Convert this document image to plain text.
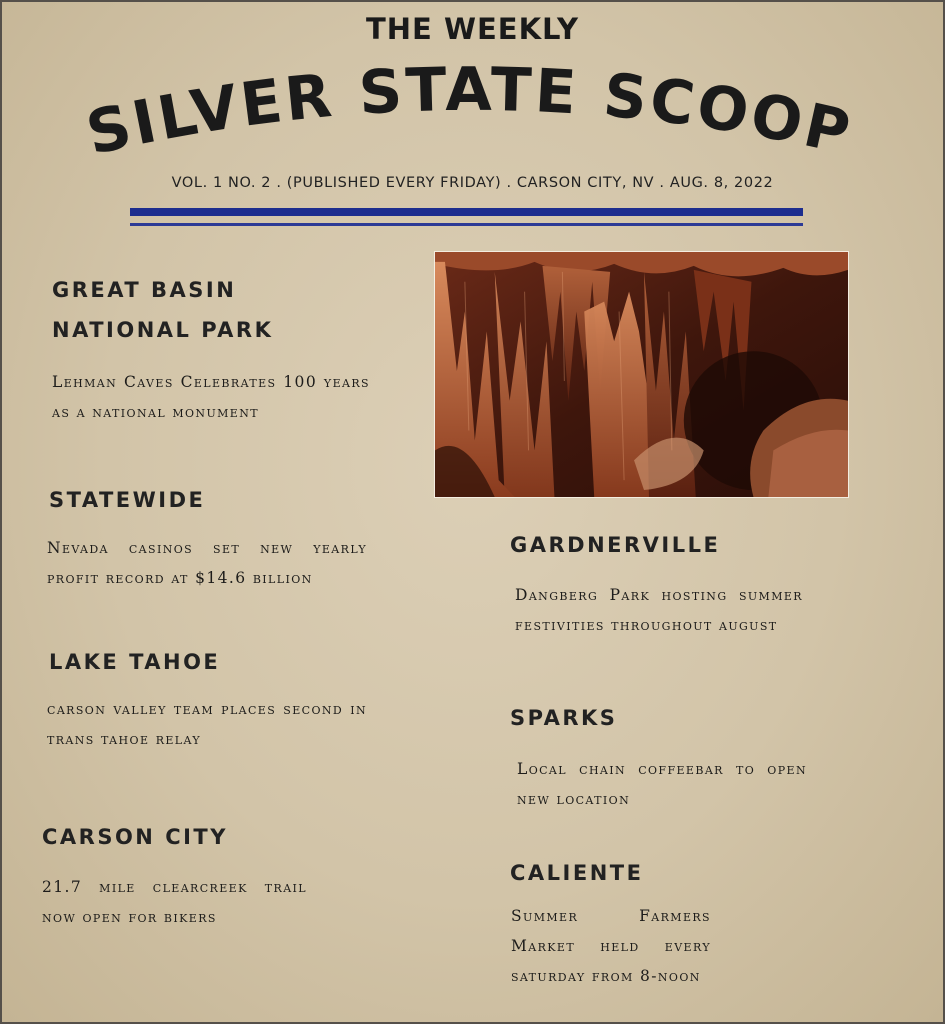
THE WEEKLY
SILVER STATE SCOOP
VOL. 1 NO. 2 . (PUBLISHED EVERY FRIDAY) . CARSON CITY, NV . AUG. 8, 2022
GREAT BASIN NATIONAL PARK

Lehman Caves Celebrates 100 years as a national monument

STATEWIDE

Nevada casinos set new yearly profit record at $14.6 billion

LAKE TAHOE

carson valley team places second in trans tahoe relay

CARSON CITY

21.7 mile clearcreek trail now open for bikers

GARDNERVILLE

Dangberg Park hosting summer festivities throughout august

SPARKS

Local chain coffeebar to open new location

CALIENTE

Summer Farmers Market held every saturday from 8-noon
